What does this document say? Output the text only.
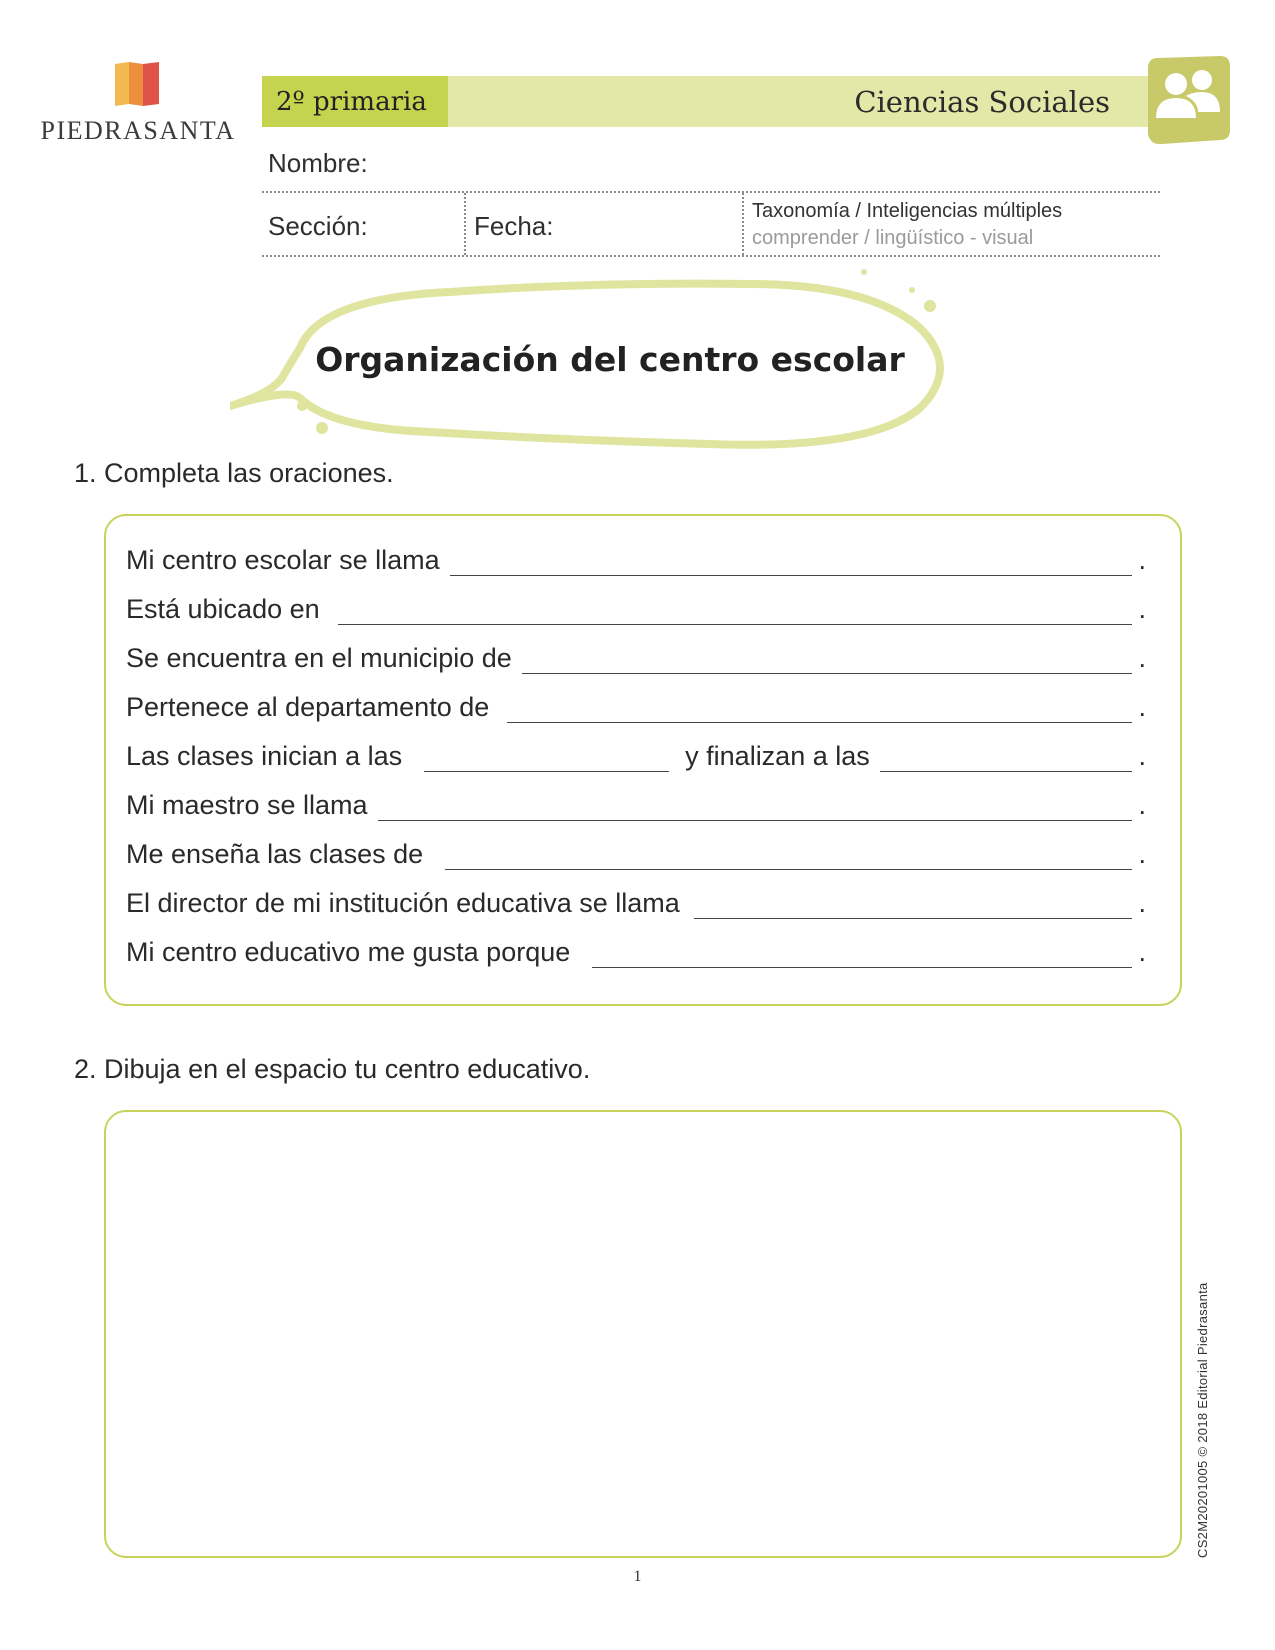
PIEDRASANTA
2º primaria	Ciencias Sociales
Nombre:
Sección:	Fecha:	Taxonomía / Inteligencias múltiples
comprender / lingüístico - visual
Organización del centro escolar
1. Completa las oraciones.
Mi centro escolar se llama	.
Está ubicado en	.
Se encuentra en el municipio de	.
Pertenece al departamento de	.
Las clases inician a las	y finalizan a las	.
Mi maestro se llama	.
Me enseña las clases de	.
El director de mi institución educativa se llama	.
Mi centro educativo me gusta porque	.
2. Dibuja en el espacio tu centro educativo.
CS2M20201005 © 2018 Editorial Piedrasanta
1
